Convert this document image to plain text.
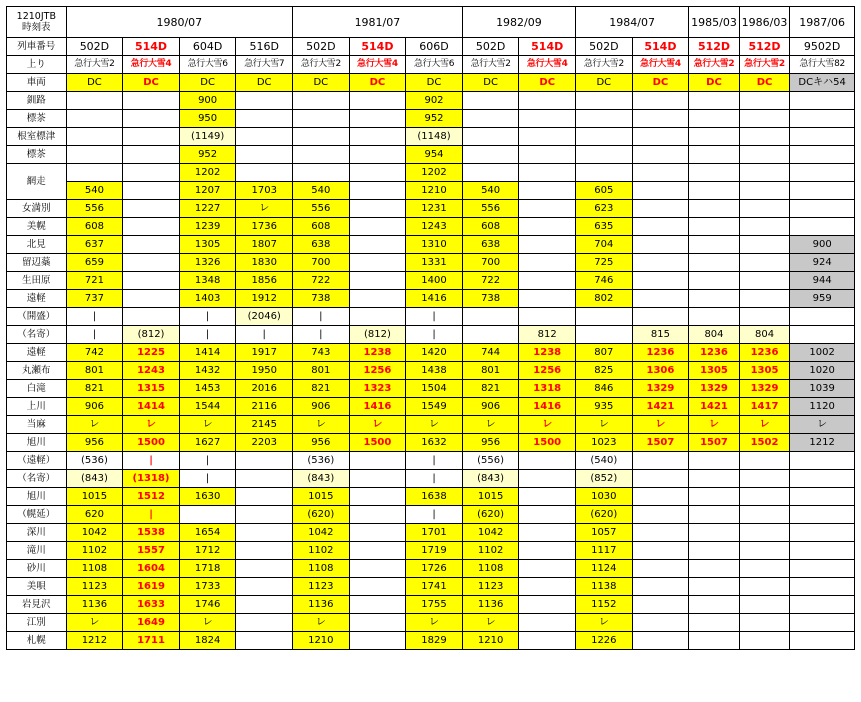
1210JTB
時刻表	1980/07				1981/07			1982/09		1984/07		1985/03	1986/03	1987/06
列車番号	502D	514D	604D	516D	502D	514D	606D	502D	514D	502D	514D	512D	512D	9502D
上り	急行大雪2	急行大雪4	急行大雪6	急行大雪7	急行大雪2	急行大雪4	急行大雪6	急行大雪2	急行大雪4	急行大雪2	急行大雪4	急行大雪2	急行大雪2	急行大雪82
車両	DC	DC	DC	DC	DC	DC	DC	DC	DC	DC	DC	DC	DC	DCキハ54
釧路			900				902							
標茶			950				952							
根室標津			(1149)				(1148)							
標茶			952				954							
網走			1202				1202							
	540		1207	1703	540		1210	540		605				
女満別	556		1227	レ	556		1231	556		623				
美幌	608		1239	1736	608		1243	608		635				
北見	637		1305	1807	638		1310	638		704				900
留辺蘂	659		1326	1830	700		1331	700		725				924
生田原	721		1348	1856	722		1400	722		746				944
遠軽	737		1403	1912	738		1416	738		802				959
（開盛）	|		|	(2046)	|		|							
（名寄）	|	(812)	|	|	|	(812)	|		812		815	804	804	
遠軽	742	1225	1414	1917	743	1238	1420	744	1238	807	1236	1236	1236	1002
丸瀬布	801	1243	1432	1950	801	1256	1438	801	1256	825	1306	1305	1305	1020
白滝	821	1315	1453	2016	821	1323	1504	821	1318	846	1329	1329	1329	1039
上川	906	1414	1544	2116	906	1416	1549	906	1416	935	1421	1421	1417	1120
当麻	レ	レ	レ	2145	レ	レ	レ	レ	レ	レ	レ	レ	レ	レ
旭川	956	1500	1627	2203	956	1500	1632	956	1500	1023	1507	1507	1502	1212
（遠軽）	(536)	|	|		(536)		|	(556)		(540)				
（名寄）	(843)	(1318)	|		(843)		|	(843)		(852)				
旭川	1015	1512	1630		1015		1638	1015		1030				
（幌延）	620	|			(620)		|	(620)		(620)				
深川	1042	1538	1654		1042		1701	1042		1057				
滝川	1102	1557	1712		1102		1719	1102		1117				
砂川	1108	1604	1718		1108		1726	1108		1124				
美唄	1123	1619	1733		1123		1741	1123		1138				
岩見沢	1136	1633	1746		1136		1755	1136		1152				
江別	レ	1649	レ		レ		レ	レ		レ				
札幌	1212	1711	1824		1210		1829	1210		1226				
